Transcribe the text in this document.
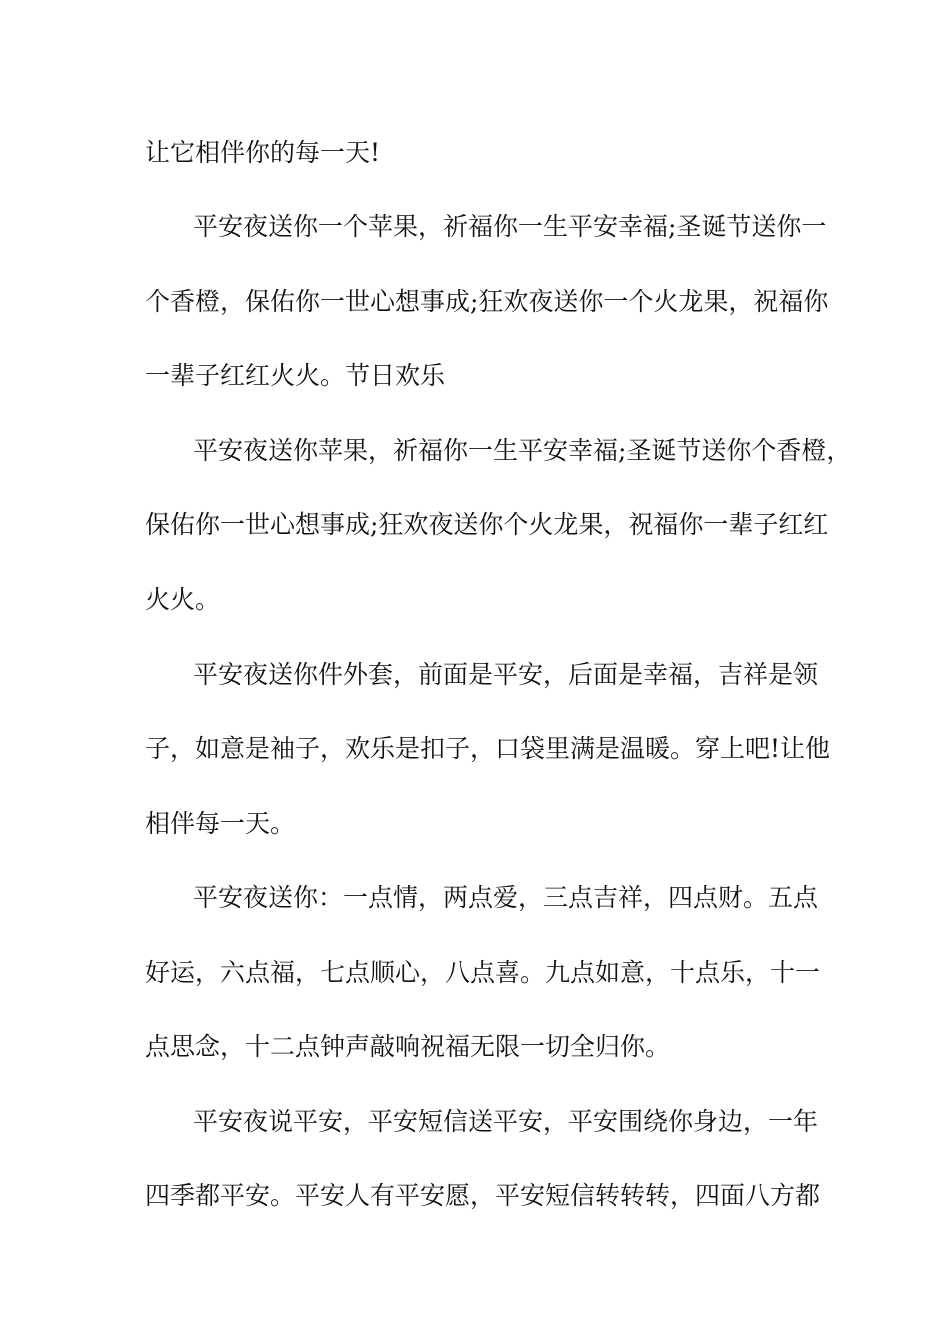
让它相伴你的每一天!

平安夜送你一个苹果，祈福你一生平安幸福;圣诞节送你一

个香橙，保佑你一世心想事成;狂欢夜送你一个火龙果，祝福你

一辈子红红火火。节日欢乐

平安夜送你苹果，祈福你一生平安幸福;圣诞节送你个香橙，

保佑你一世心想事成;狂欢夜送你个火龙果，祝福你一辈子红红

火火。

平安夜送你件外套，前面是平安，后面是幸福，吉祥是领

子，如意是袖子，欢乐是扣子，口袋里满是温暖。穿上吧!让他

相伴每一天。

平安夜送你：一点情，两点爱，三点吉祥，四点财。五点

好运，六点福，七点顺心，八点喜。九点如意，十点乐，十一

点思念，十二点钟声敲响祝福无限一切全归你。

平安夜说平安，平安短信送平安，平安围绕你身边，一年

四季都平安。平安人有平安愿，平安短信转转转，四面八方都
